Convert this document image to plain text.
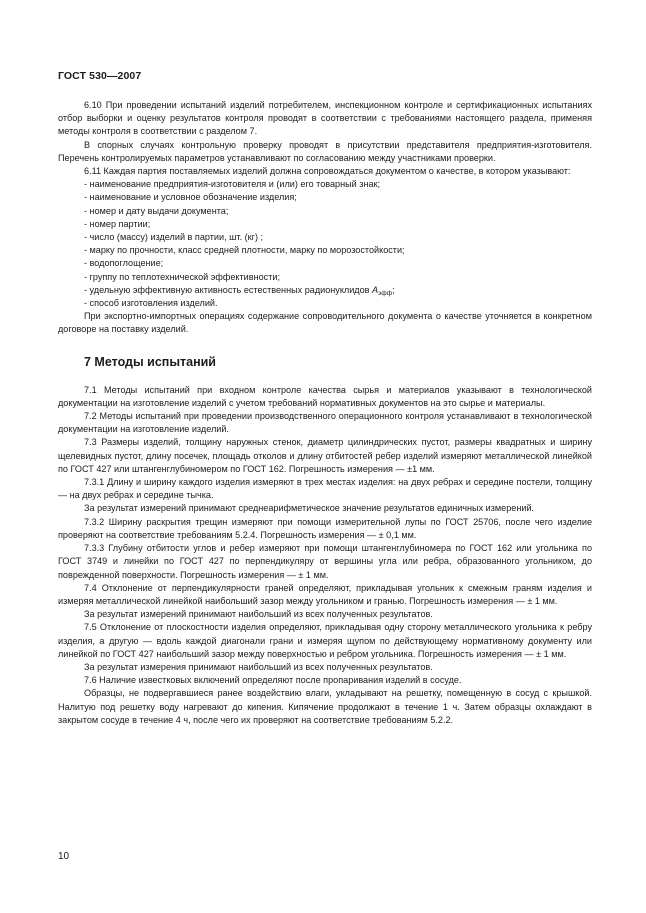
ГОСТ 530—2007

6.10 При проведении испытаний изделий потребителем, инспекционном контроле и сертификационных испытаниях отбор выборки и оценку результатов контроля проводят в соответствии с требованиями настоящего раздела, применяя методы контроля в соответствии с разделом 7.

В спорных случаях контрольную проверку проводят в присутствии представителя предприятия-изготовителя. Перечень контролируемых параметров устанавливают по согласованию между участниками проверки.

6.11 Каждая партия поставляемых изделий должна сопровождаться документом о качестве, в котором указывают:

- наименование предприятия-изготовителя и (или) его товарный знак;

- наименование и условное обозначение изделия;

- номер и дату выдачи документа;

- номер партии;

- число (массу) изделий в партии, шт. (кг) ;

- марку по прочности, класс средней плотности, марку по морозостойкости;

- водопоглощение;

- группу по теплотехнической эффективности;

- удельную эффективную активность естественных радионуклидов $A_{эфф}$;

- способ изготовления изделий.

При экспортно-импортных операциях содержание сопроводительного документа о качестве уточняется в конкретном договоре на поставку изделий.

7 Методы испытаний

7.1 Методы испытаний при входном контроле качества сырья и материалов указывают в технологической документации на изготовление изделий с учетом требований нормативных документов на это сырье и материалы.

7.2 Методы испытаний при проведении производственного операционного контроля устанавливают в технологической документации на изготовление изделий.

7.3 Размеры изделий, толщину наружных стенок, диаметр цилиндрических пустот, размеры квадратных и ширину щелевидных пустот, длину посечек, площадь отколов и длину отбитостей ребер изделий измеряют металлической линейкой по ГОСТ 427 или штангенглубиномером по ГОСТ 162. Погрешность измерения — ±1 мм.

7.3.1 Длину и ширину каждого изделия измеряют в трех местах изделия: на двух ребрах и середине постели, толщину — на двух ребрах и середине тычка.

За результат измерений принимают среднеарифметическое значение результатов единичных измерений.

7.3.2 Ширину раскрытия трещин измеряют при помощи измерительной лупы по ГОСТ 25706, после чего изделие проверяют на соответствие требованиям 5.2.4. Погрешность измерения — ± 0,1 мм.

7.3.3 Глубину отбитости углов и ребер измеряют при помощи штангенглубиномера по ГОСТ 162 или угольника по ГОСТ 3749 и линейки по ГОСТ 427 по перпендикуляру от вершины угла или ребра, образованного угольником, до поврежденной поверхности. Погрешность измерения — ± 1 мм.

7.4 Отклонение от перпендикулярности граней определяют, прикладывая угольник к смежным граням изделия и измеряя металлической линейкой наибольший зазор между угольником и гранью. Погрешность измерения — ± 1 мм.

За результат измерений принимают наибольший из всех полученных результатов.

7.5 Отклонение от плоскостности изделия определяют, прикладывая одну сторону металлического угольника к ребру изделия, а другую — вдоль каждой диагонали грани и измеряя щупом по действующему нормативному документу или линейкой по ГОСТ 427 наибольший зазор между поверхностью и ребром угольника. Погрешность измерения — ± 1 мм.

За результат измерения принимают наибольший из всех полученных результатов.

7.6 Наличие известковых включений определяют после пропаривания изделий в сосуде.

Образцы, не подвергавшиеся ранее воздействию влаги, укладывают на решетку, помещенную в сосуд с крышкой. Налитую под решетку воду нагревают до кипения. Кипячение продолжают в течение 1 ч. Затем образцы охлаждают в закрытом сосуде в течение 4 ч, после чего их проверяют на соответствие требованиям 5.2.2.

10
